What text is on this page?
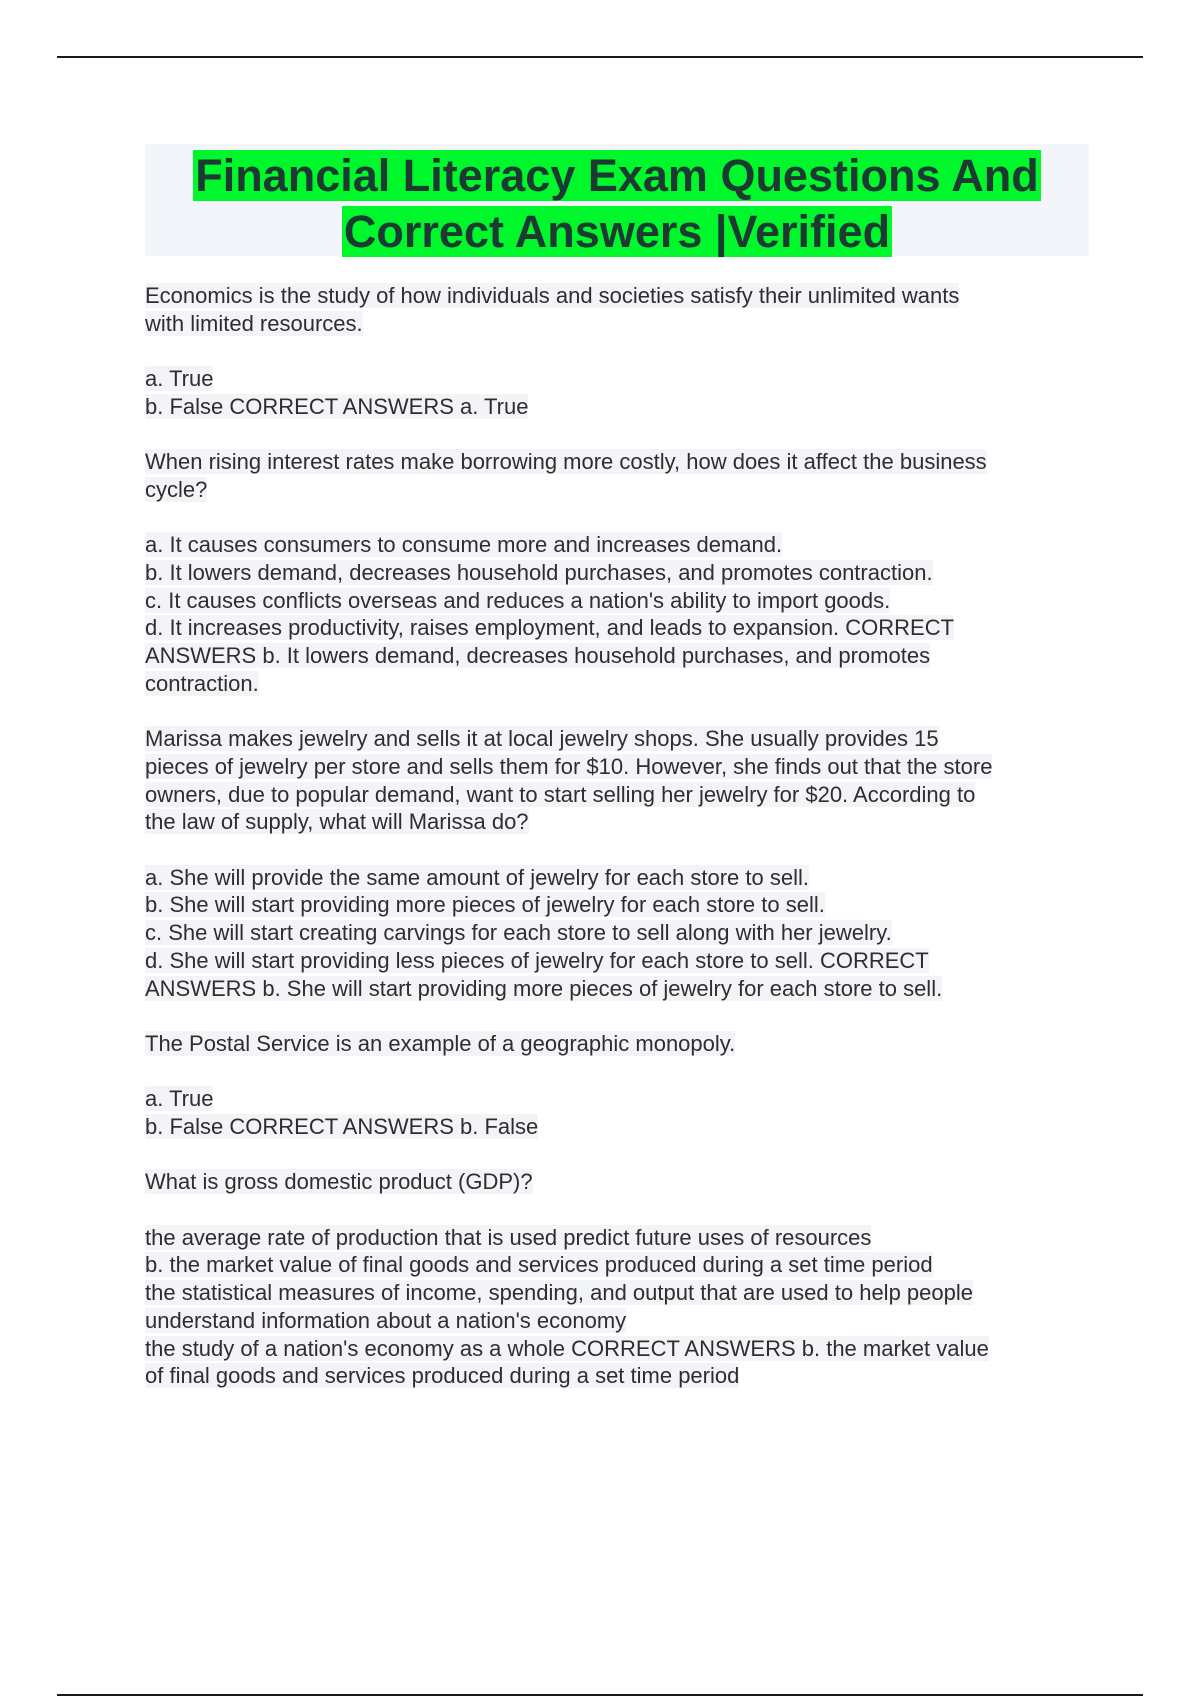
Financial Literacy Exam Questions And
Correct Answers |Verified
Economics is the study of how individuals and societies satisfy their unlimited wants
with limited resources.
a. True
b. False CORRECT ANSWERS a. True
When rising interest rates make borrowing more costly, how does it affect the business
cycle?
a. It causes consumers to consume more and increases demand.
b. It lowers demand, decreases household purchases, and promotes contraction.
c. It causes conflicts overseas and reduces a nation's ability to import goods.
d. It increases productivity, raises employment, and leads to expansion. CORRECT
ANSWERS b. It lowers demand, decreases household purchases, and promotes
contraction.
Marissa makes jewelry and sells it at local jewelry shops. She usually provides 15
pieces of jewelry per store and sells them for $10. However, she finds out that the store
owners, due to popular demand, want to start selling her jewelry for $20. According to
the law of supply, what will Marissa do?
a. She will provide the same amount of jewelry for each store to sell.
b. She will start providing more pieces of jewelry for each store to sell.
c. She will start creating carvings for each store to sell along with her jewelry.
d. She will start providing less pieces of jewelry for each store to sell. CORRECT
ANSWERS b. She will start providing more pieces of jewelry for each store to sell.
The Postal Service is an example of a geographic monopoly.
a. True
b. False CORRECT ANSWERS b. False
What is gross domestic product (GDP)?
the average rate of production that is used predict future uses of resources
b. the market value of final goods and services produced during a set time period
the statistical measures of income, spending, and output that are used to help people
understand information about a nation's economy
the study of a nation's economy as a whole CORRECT ANSWERS b. the market value
of final goods and services produced during a set time period
